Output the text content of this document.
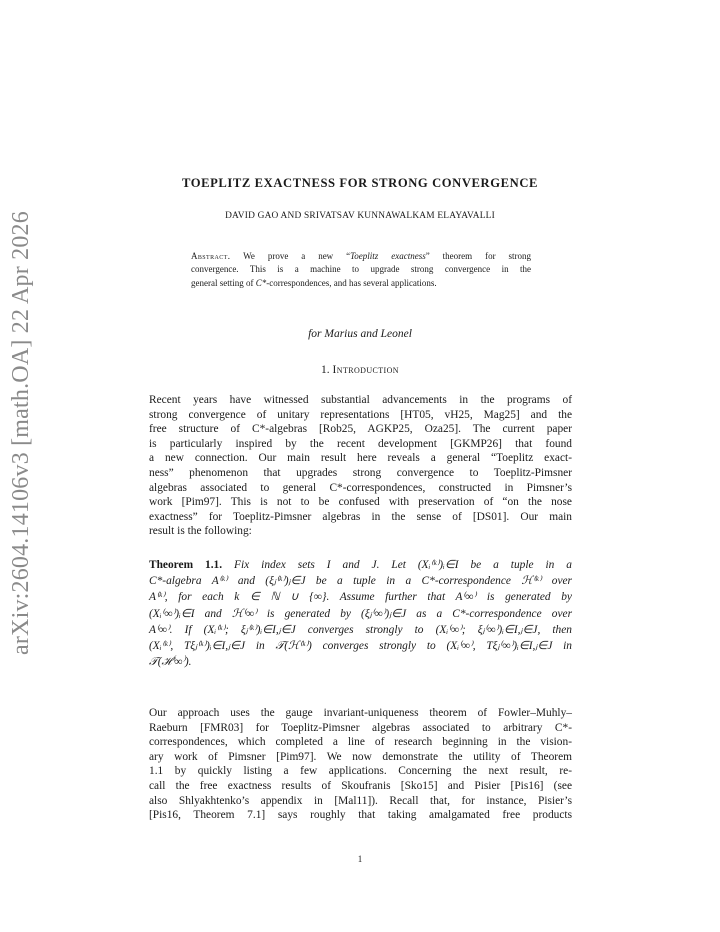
arXiv:2604.14106v3 [math.OA] 22 Apr 2026
TOEPLITZ EXACTNESS FOR STRONG CONVERGENCE
DAVID GAO AND SRIVATSAV KUNNAWALKAM ELAYAVALLI
Abstract. We prove a new “Toeplitz exactness” theorem for strong
convergence. This is a machine to upgrade strong convergence in the
general setting of C*-correspondences, and has several applications.
for Marius and Leonel
1. Introduction
Recent years have witnessed substantial advancements in the programs of
strong convergence of unitary representations [HT05, vH25, Mag25] and the
free structure of C*-algebras [Rob25, AGKP25, Oza25]. The current paper
is particularly inspired by the recent development [GKMP26] that found
a new connection. Our main result here reveals a general “Toeplitz exact-
ness” phenomenon that upgrades strong convergence to Toeplitz-Pimsner
algebras associated to general C*-correspondences, constructed in Pimsner’s
work [Pim97]. This is not to be confused with preservation of “on the nose
exactness” for Toeplitz-Pimsner algebras in the sense of [DS01]. Our main
result is the following:
Theorem 1.1. Fix index sets I and J. Let (Xᵢ⁽ᵏ⁾)ᵢ∈I be a tuple in a
C*-algebra A⁽ᵏ⁾ and (ξⱼ⁽ᵏ⁾)ⱼ∈J be a tuple in a C*-correspondence ℋ⁽ᵏ⁾ over
A⁽ᵏ⁾, for each k ∈ ℕ ∪ {∞}. Assume further that A⁽∞⁾ is generated by
(Xᵢ⁽∞⁾)ᵢ∈I and ℋ⁽∞⁾ is generated by (ξⱼ⁽∞⁾)ⱼ∈J as a C*-correspondence over
A⁽∞⁾. If (Xᵢ⁽ᵏ⁾; ξⱼ⁽ᵏ⁾)ᵢ∈I,ⱼ∈J converges strongly to (Xᵢ⁽∞⁾; ξⱼ⁽∞⁾)ᵢ∈I,ⱼ∈J, then
(Xᵢ⁽ᵏ⁾, Tξⱼ⁽ᵏ⁾)ᵢ∈I,ⱼ∈J in 𝒯(ℋ⁽ᵏ⁾) converges strongly to (Xᵢ⁽∞⁾, Tξⱼ⁽∞⁾)ᵢ∈I,ⱼ∈J in
𝒯(ℋ⁽∞⁾).
Our approach uses the gauge invariant-uniqueness theorem of Fowler–Muhly–
Raeburn [FMR03] for Toeplitz-Pimsner algebras associated to arbitrary C*-
correspondences, which completed a line of research beginning in the vision-
ary work of Pimsner [Pim97]. We now demonstrate the utility of Theorem
1.1 by quickly listing a few applications. Concerning the next result, re-
call the free exactness results of Skoufranis [Sko15] and Pisier [Pis16] (see
also Shlyakhtenko’s appendix in [Mal11]). Recall that, for instance, Pisier’s
[Pis16, Theorem 7.1] says roughly that taking amalgamated free products
1
